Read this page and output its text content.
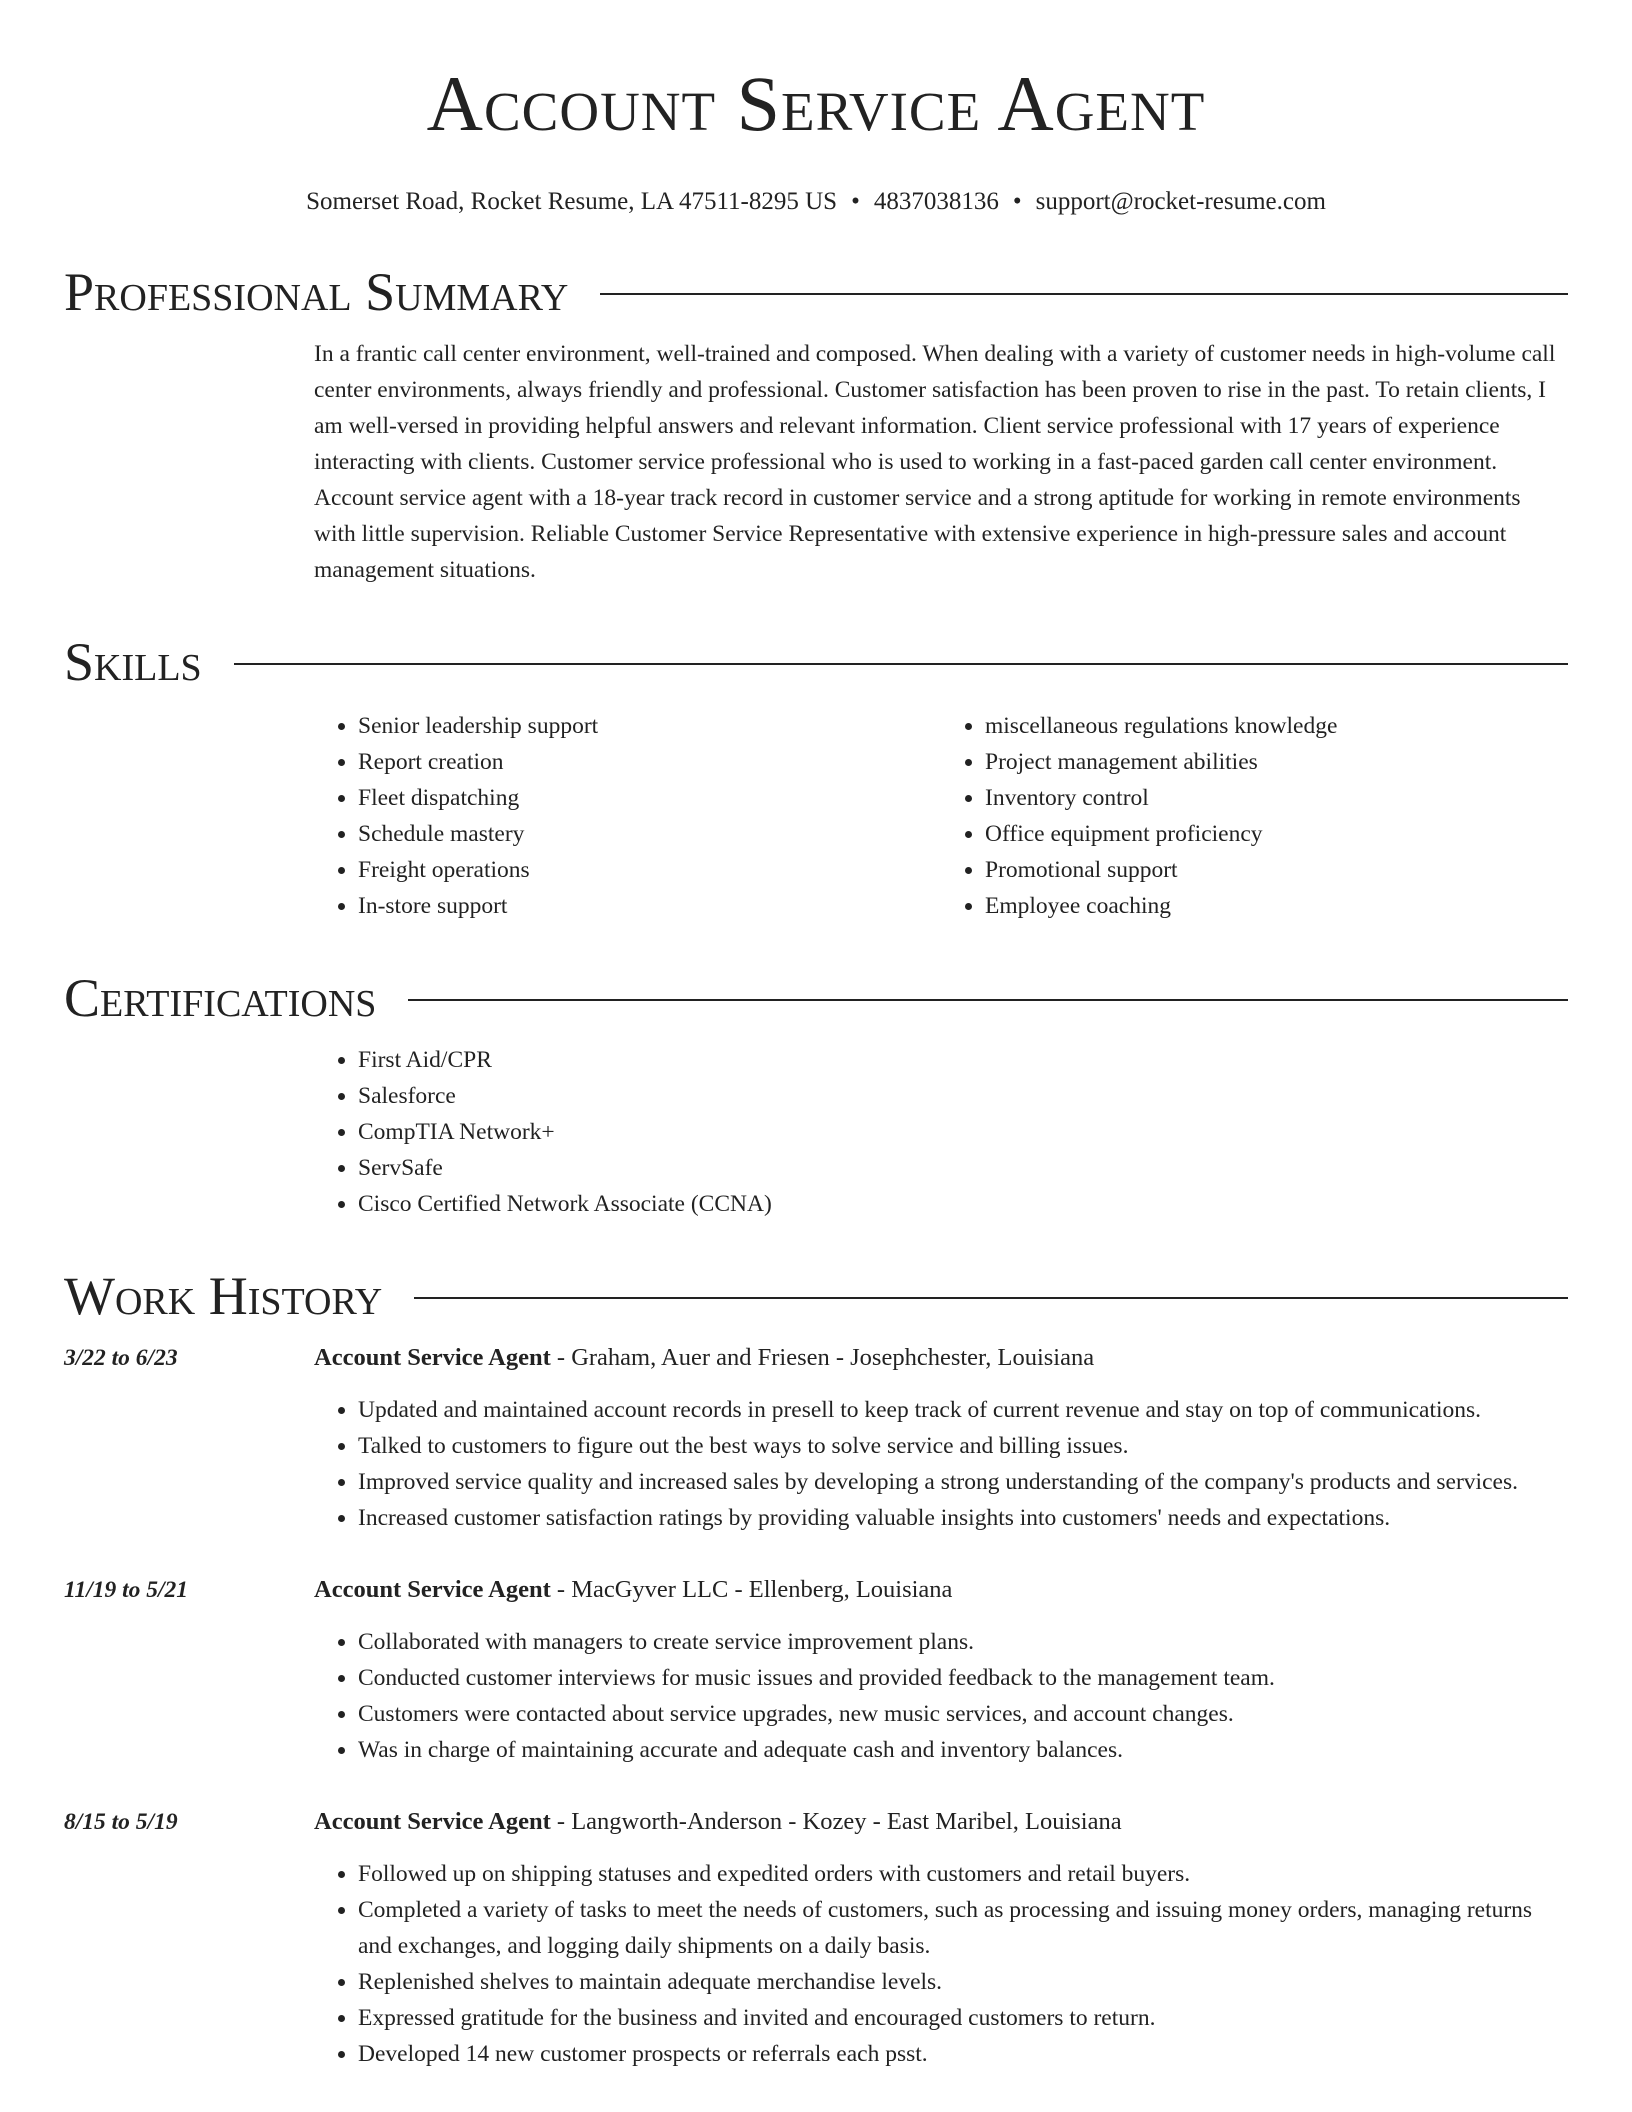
Account Service Agent
Somerset Road, Rocket Resume, LA 47511-8295 US • 4837038136 • support@rocket-resume.com
Professional Summary
In a frantic call center environment, well-trained and composed. When dealing with a variety of customer needs in high-volume call center environments, always friendly and professional. Customer satisfaction has been proven to rise in the past. To retain clients, I am well-versed in providing helpful answers and relevant information. Client service professional with 17 years of experience interacting with clients. Customer service professional who is used to working in a fast-paced garden call center environment. Account service agent with a 18-year track record in customer service and a strong aptitude for working in remote environments with little supervision. Reliable Customer Service Representative with extensive experience in high-pressure sales and account management situations.
Skills
• Senior leadership support
• Report creation
• Fleet dispatching
• Schedule mastery
• Freight operations
• In-store support
• miscellaneous regulations knowledge
• Project management abilities
• Inventory control
• Office equipment proficiency
• Promotional support
• Employee coaching
Certifications
• First Aid/CPR
• Salesforce
• CompTIA Network+
• ServSafe
• Cisco Certified Network Associate (CCNA)
Work History
3/22 to 6/23	Account Service Agent - Graham, Auer and Friesen - Josephchester, Louisiana
• Updated and maintained account records in presell to keep track of current revenue and stay on top of communications.
• Talked to customers to figure out the best ways to solve service and billing issues.
• Improved service quality and increased sales by developing a strong understanding of the company's products and services.
• Increased customer satisfaction ratings by providing valuable insights into customers' needs and expectations.
11/19 to 5/21	Account Service Agent - MacGyver LLC - Ellenberg, Louisiana
• Collaborated with managers to create service improvement plans.
• Conducted customer interviews for music issues and provided feedback to the management team.
• Customers were contacted about service upgrades, new music services, and account changes.
• Was in charge of maintaining accurate and adequate cash and inventory balances.
8/15 to 5/19	Account Service Agent - Langworth-Anderson - Kozey - East Maribel, Louisiana
• Followed up on shipping statuses and expedited orders with customers and retail buyers.
• Completed a variety of tasks to meet the needs of customers, such as processing and issuing money orders, managing returns and exchanges, and logging daily shipments on a daily basis.
• Replenished shelves to maintain adequate merchandise levels.
• Expressed gratitude for the business and invited and encouraged customers to return.
• Developed 14 new customer prospects or referrals each psst.
